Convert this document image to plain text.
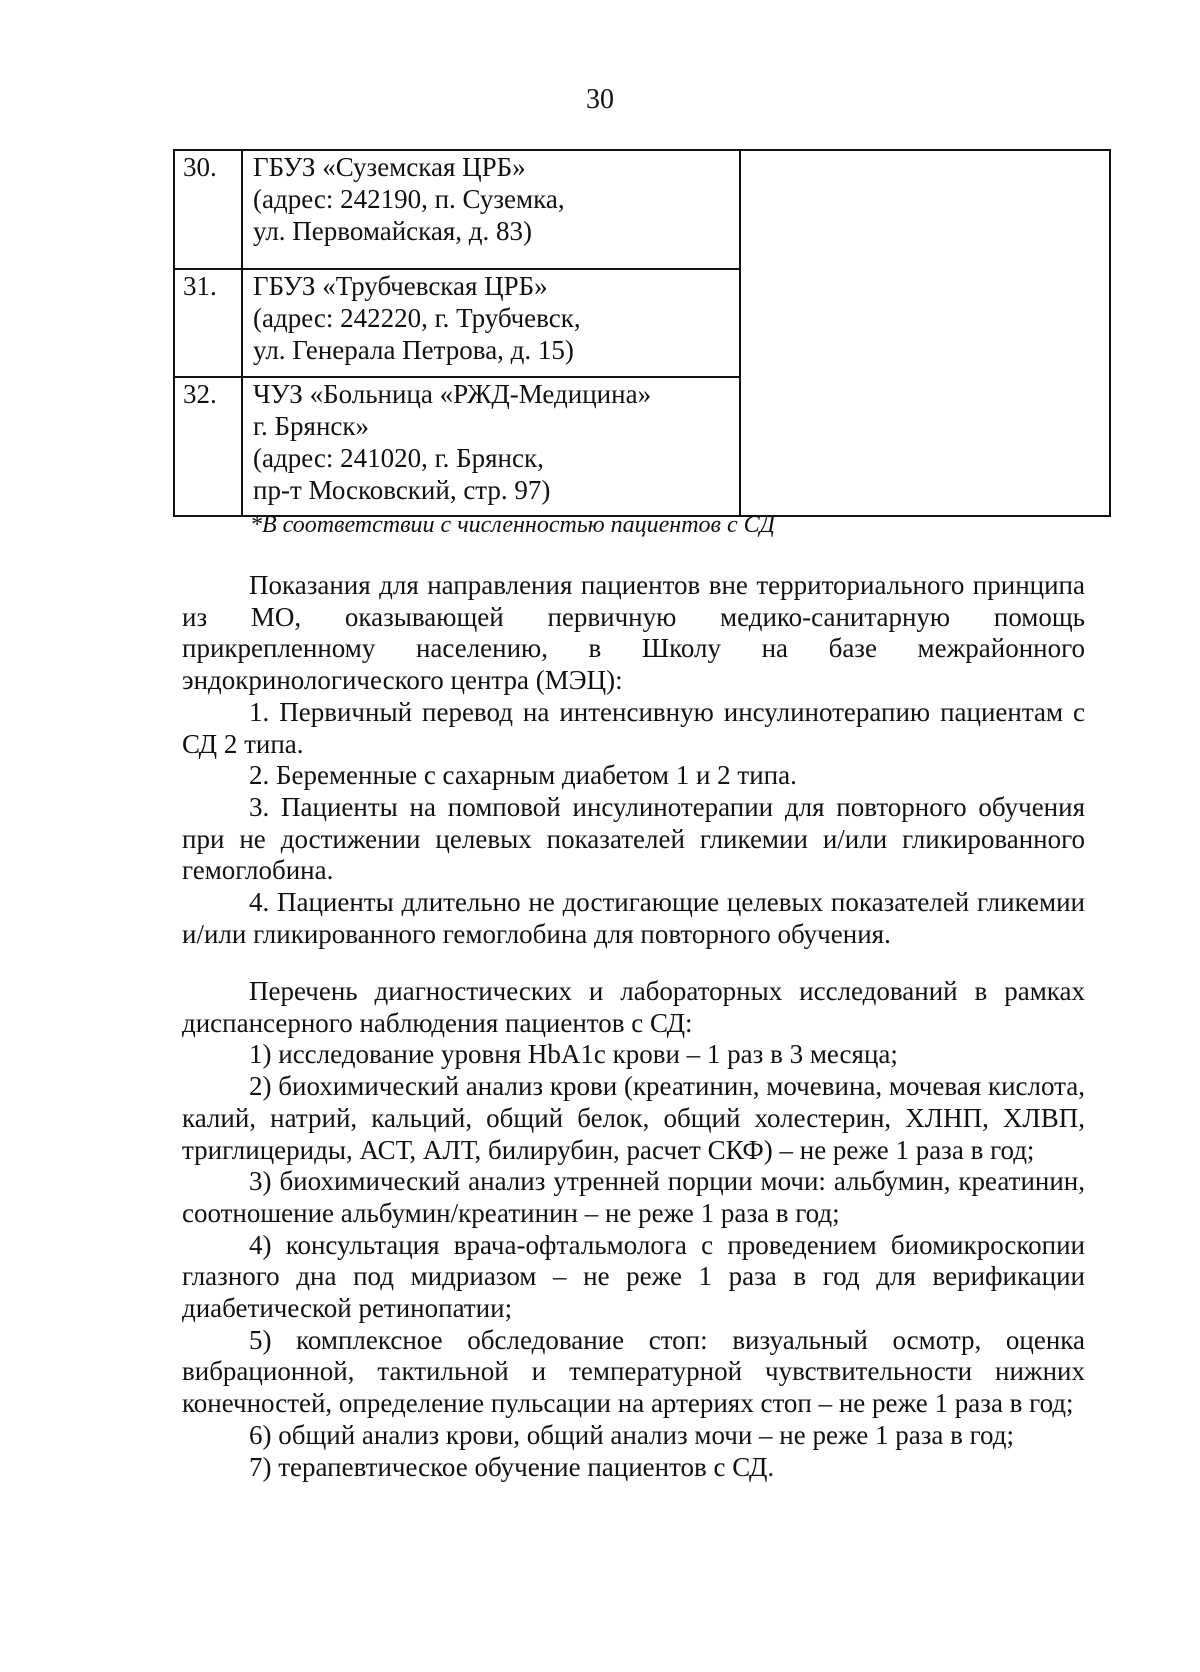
30
30.	ГБУЗ «Суземская ЦРБ»
(адрес: 242190, п. Суземка,
ул. Первомайская, д. 83)	

31.	ГБУЗ «Трубчевская ЦРБ»
(адрес: 242220, г. Трубчевск,
ул. Генерала Петрова, д. 15)	

32.	ЧУЗ «Больница «РЖД-Медицина»
г. Брянск»
(адрес: 241020, г. Брянск,
пр-т Московский, стр. 97)	
*В соответствии с численностью пациентов с СД

Показания для направления пациентов вне территориального принципа из МО, оказывающей первичную медико-санитарную помощь прикрепленному населению, в Школу на базе межрайонного эндокринологического центра (МЭЦ):

1. Первичный перевод на интенсивную инсулинотерапию пациентам с СД 2 типа.

2. Беременные с сахарным диабетом 1 и 2 типа.

3. Пациенты на помповой инсулинотерапии для повторного обучения при не достижении целевых показателей гликемии и/или гликированного гемоглобина.

4. Пациенты длительно не достигающие целевых показателей гликемии и/или гликированного гемоглобина для повторного обучения.

Перечень диагностических и лабораторных исследований в рамках диспансерного наблюдения пациентов с СД:

1) исследование уровня HbA1c крови – 1 раз в 3 месяца;

2) биохимический анализ крови (креатинин, мочевина, мочевая кислота, калий, натрий, кальций, общий белок, общий холестерин, ХЛНП, ХЛВП, триглицериды, АСТ, АЛТ, билирубин, расчет СКФ) – не реже 1 раза в год;

3) биохимический анализ утренней порции мочи: альбумин, креатинин, соотношение альбумин/креатинин – не реже 1 раза в год;

4) консультация врача-офтальмолога с проведением биомикроскопии глазного дна под мидриазом – не реже 1 раза в год для верификации диабетической ретинопатии;

5) комплексное обследование стоп: визуальный осмотр, оценка вибрационной, тактильной и температурной чувствительности нижних конечностей, определение пульсации на артериях стоп – не реже 1 раза в год;

6) общий анализ крови, общий анализ мочи – не реже 1 раза в год;

7) терапевтическое обучение пациентов с СД.
